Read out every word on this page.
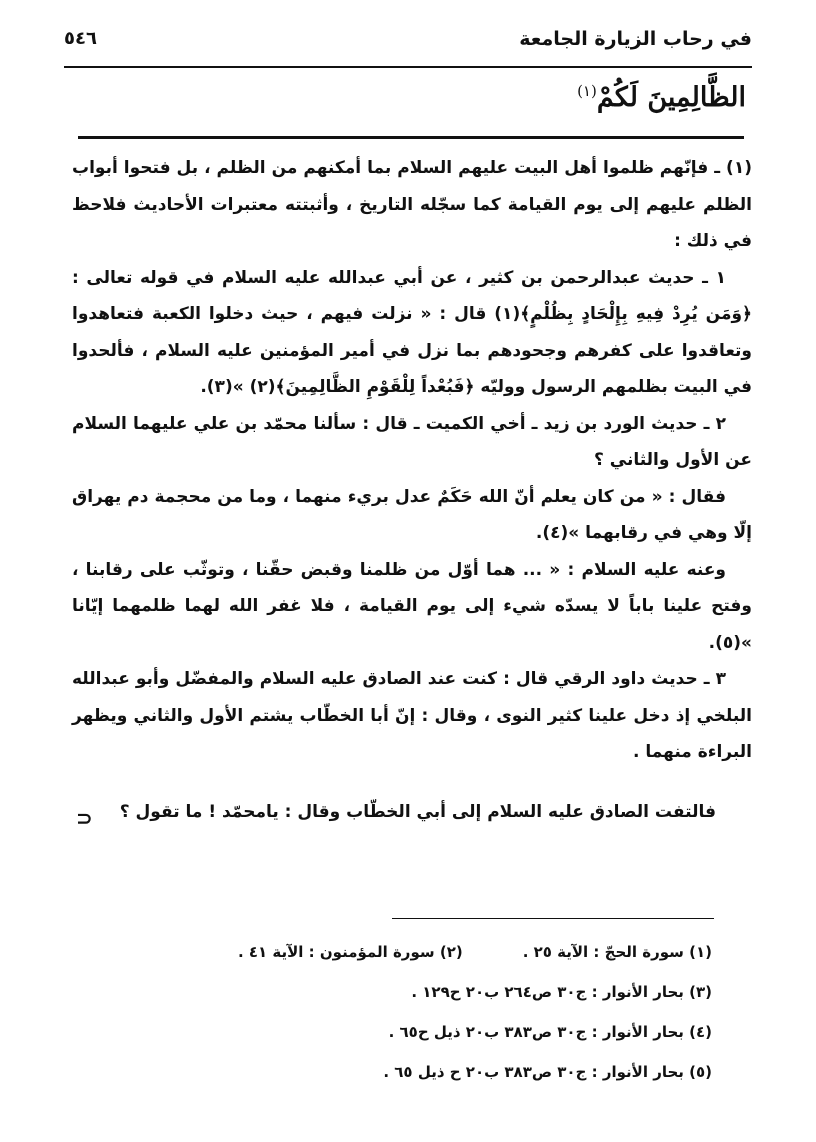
في رحاب الزيارة الجامعة
٥٤٦
الظَّالِمِينَ لَكُمْ$^{(١)}$

(١) ـ فإنّهم ظلموا أهل البيت عليهم السلام بما أمكنهم من الظلم ، بل فتحوا أبواب الظلم عليهم إلى يوم القيامة كما سجّله التاريخ ، وأثبتته معتبرات الأحاديث فلاحظ في ذلك :

١ ـ حديث عبدالرحمن بن كثير ، عن أبي عبدالله عليه السلام في قوله تعالى : ﴿وَمَن يُرِدْ فِيهِ بِإِلْحَادٍ بِظُلْمٍ﴾(١) قال : « نزلت فيهم ، حيث دخلوا الكعبة فتعاهدوا وتعاقدوا على كفرهم وجحودهم بما نزل في أمير المؤمنين عليه السلام ، فألحدوا في البيت بظلمهم الرسول ووليّه ﴿فَبُعْداً لِلْقَوْمِ الظَّالِمِينَ﴾(٢) »(٣).

٢ ـ حديث الورد بن زيد ـ أخي الكميت ـ قال : سألنا محمّد بن علي عليهما السلام عن الأول والثاني ؟

فقال : « من كان يعلم أنّ الله حَكَمٌ عدل بريء منهما ، وما من محجمة دم يهراق إلّا وهي في رقابهما »(٤).

وعنه عليه السلام : « ... هما أوّل من ظلمنا وقبض حقّنا ، وتوثّب على رقابنا ، وفتح علينا باباً لا يسدّه شيء إلى يوم القيامة ، فلا غفر الله لهما ظلمهما إيّانا »(٥).

٣ ـ حديث داود الرقي قال : كنت عند الصادق عليه السلام والمفضّل وأبو عبدالله البلخي إذ دخل علينا كثير النوى ، وقال : إنّ أبا الخطّاب يشتم الأول والثاني ويظهر البراءة منهما .

فالتفت الصادق عليه السلام إلى أبي الخطّاب وقال : يامحمّد ! ما تقول ؟
⊂
(١) سورة الحجّ : الآية ٢٥ .(٢) سورة المؤمنون : الآية ٤١ .
(٣) بحار الأنوار : ج٣٠ ص٢٦٤ ب٢٠ ح١٢٩ .
(٤) بحار الأنوار : ج٣٠ ص٣٨٣ ب٢٠ ذيل ح٦٥ .
(٥) بحار الأنوار : ج٣٠ ص٣٨٣ ب٢٠ ح ذيل ٦٥ .
